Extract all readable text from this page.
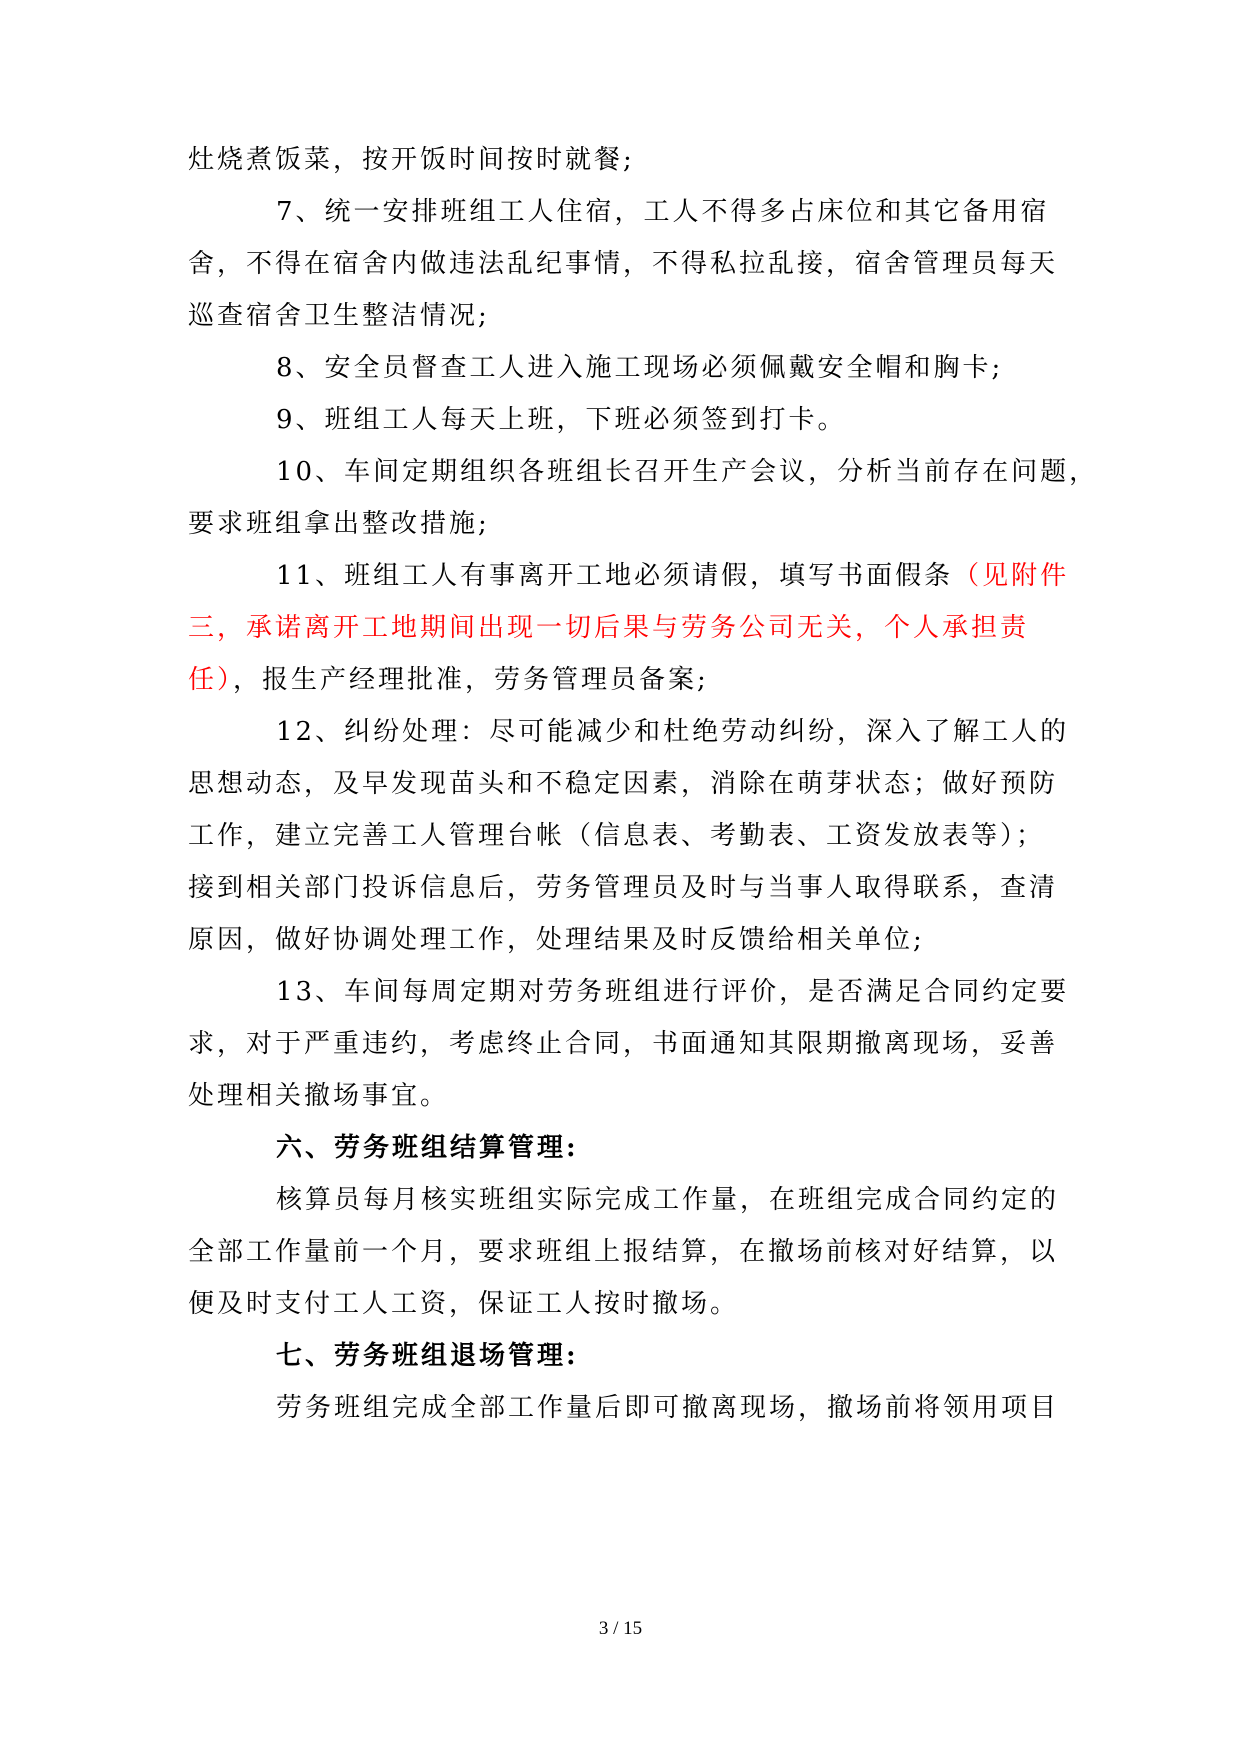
灶烧煮饭菜，按开饭时间按时就餐;
7、统一安排班组工人住宿，工人不得多占床位和其它备用宿
舍，不得在宿舍内做违法乱纪事情，不得私拉乱接，宿舍管理员每天
巡查宿舍卫生整洁情况;
8、安全员督查工人进入施工现场必须佩戴安全帽和胸卡;
9、班组工人每天上班，下班必须签到打卡。
10、车间定期组织各班组长召开生产会议，分析当前存在问题，
要求班组拿出整改措施;
11、班组工人有事离开工地必须请假，填写书面假条（见附件
三，承诺离开工地期间出现一切后果与劳务公司无关，个人承担责
任），报生产经理批准，劳务管理员备案;
12、纠纷处理：尽可能减少和杜绝劳动纠纷，深入了解工人的
思想动态，及早发现苗头和不稳定因素，消除在萌芽状态；做好预防
工作，建立完善工人管理台帐（信息表、考勤表、工资发放表等）；
接到相关部门投诉信息后，劳务管理员及时与当事人取得联系，查清
原因，做好协调处理工作，处理结果及时反馈给相关单位;
13、车间每周定期对劳务班组进行评价，是否满足合同约定要
求，对于严重违约，考虑终止合同，书面通知其限期撤离现场，妥善
处理相关撤场事宜。
六、劳务班组结算管理:
核算员每月核实班组实际完成工作量，在班组完成合同约定的
全部工作量前一个月，要求班组上报结算，在撤场前核对好结算，以
便及时支付工人工资，保证工人按时撤场。
七、劳务班组退场管理:
劳务班组完成全部工作量后即可撤离现场，撤场前将领用项目
3 / 15
